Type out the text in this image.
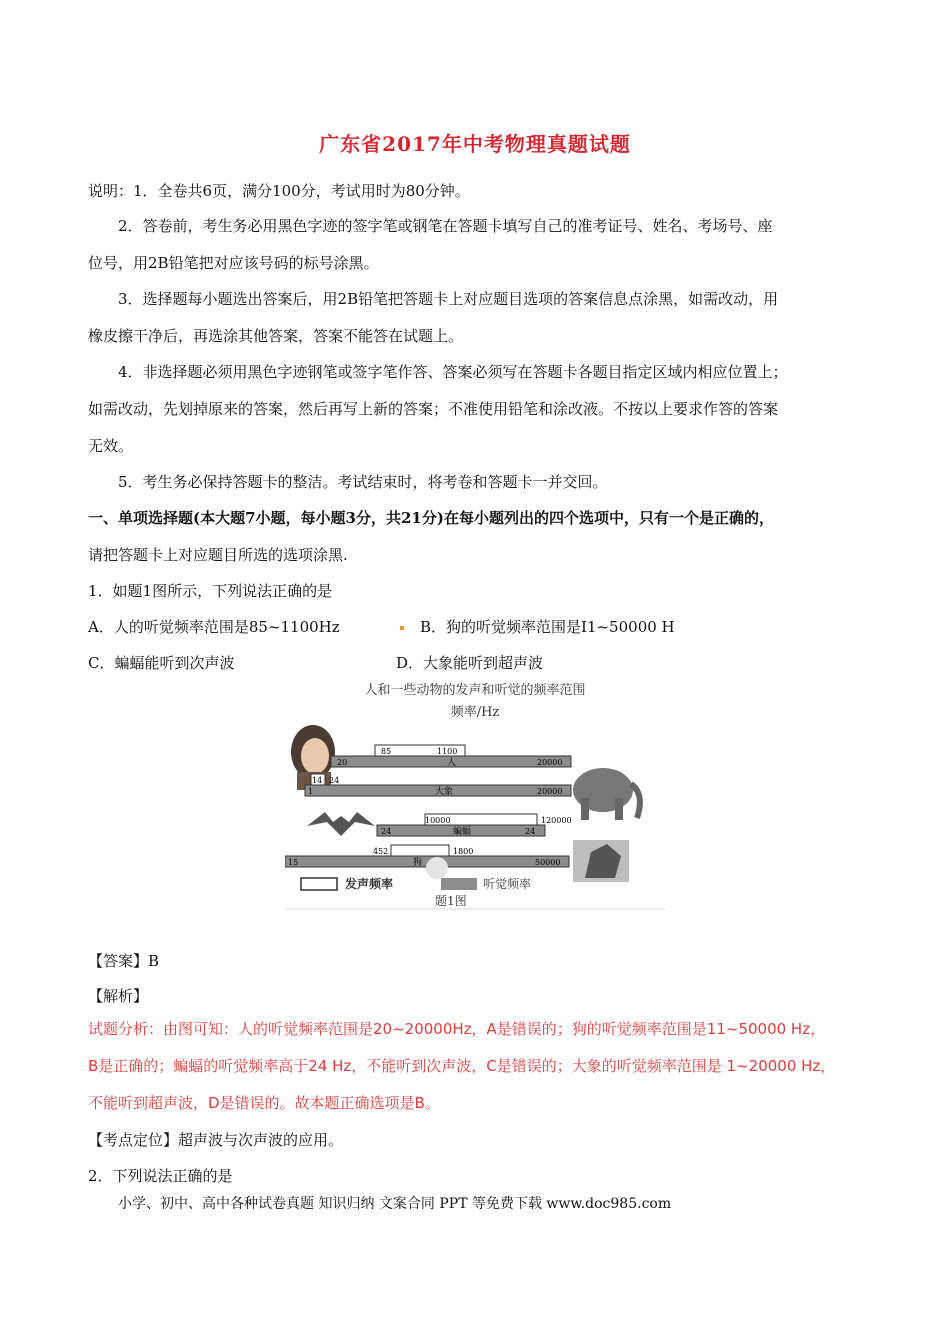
广东省2017年中考物理真题试题
说明：1．全卷共6页，满分100分，考试用时为80分钟。
2．答卷前，考生务必用黑色字迹的签字笔或钢笔在答题卡填写自己的准考证号、姓名、考场号、座
位号，用2B铅笔把对应该号码的标号涂黑。
3．选择题每小题选出答案后，用2B铅笔把答题卡上对应题目选项的答案信息点涂黑，如需改动，用
橡皮擦干净后，再选涂其他答案，答案不能答在试题上。
4．非选择题必须用黑色字迹钢笔或签字笔作答、答案必须写在答题卡各题目指定区域内相应位置上；
如需改动，先划掉原来的答案，然后再写上新的答案；不准使用铅笔和涂改液。不按以上要求作答的答案
无效。
5．考生务必保持答题卡的整洁。考试结束时，将考卷和答题卡一并交回。
一、单项选择题(本大题7小题，每小题3分，共21分)在每小题列出的四个选项中，只有一个是正确的，
请把答题卡上对应题目所选的选项涂黑.
1．如题1图所示，下列说法正确的是
A．人的听觉频率范围是85~1100Hz	B．狗的听觉频率范围是I1~50000 H
C．蝙蝠能听到次声波	D．大象能听到超声波
人和一些动物的发声和听觉的频率范围
频率/Hz
85	1100
20	人	20000
14 24
1	大象	20000
10000	120000
24	蝙蝠	24
452	1800
15	狗	50000
发声频率	听觉频率
题1图
【答案】B
【解析】
试题分析：由图可知：人的听觉频率范围是20~20000Hz，A是错误的；狗的听觉频率范围是11~50000 Hz，
B是正确的；蝙蝠的听觉频率高于24 Hz，不能听到次声波，C是错误的；大象的听觉频率范围是 1~20000 Hz，
不能听到超声波，D是错误的。故本题正确选项是B。
【考点定位】超声波与次声波的应用。
2．下列说法正确的是
小学、初中、高中各种试卷真题 知识归纳 文案合同 PPT 等免费下载 www.doc985.com
